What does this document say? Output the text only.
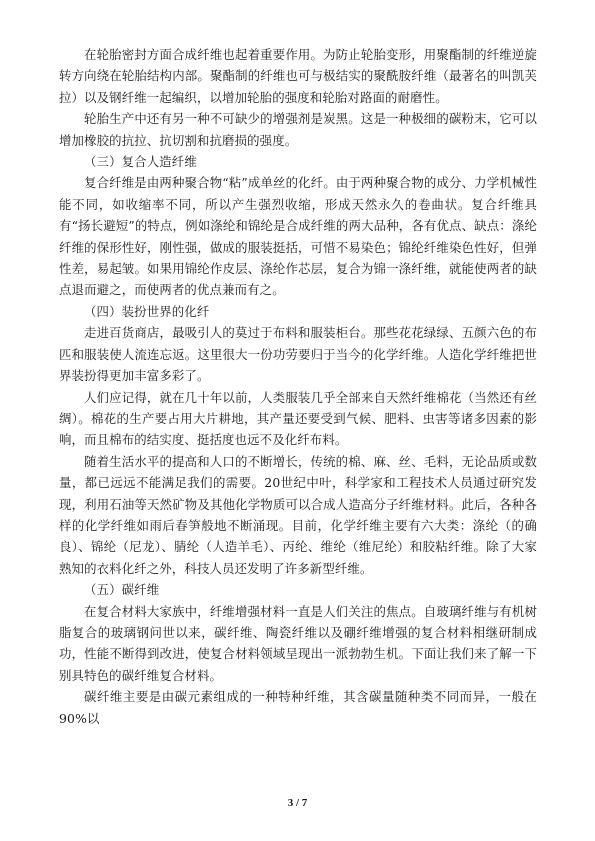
在轮胎密封方面合成纤维也起着重要作用。为防止轮胎变形，用聚酯制的纤维逆旋转方向绕在轮胎结构内部。聚酯制的纤维也可与极结实的聚酰胺纤维（最著名的叫凯芙拉）以及钢纤维一起编织，以增加轮胎的强度和轮胎对路面的耐磨性。

轮胎生产中还有另一种不可缺少的增强剂是炭黑。这是一种极细的碳粉末，它可以增加橡胶的抗拉、抗切割和抗磨损的强度。

（三）复合人造纤维

复合纤维是由两种聚合物“粘”成单丝的化纤。由于两种聚合物的成分、力学机械性能不同，如收缩率不同，所以产生强烈收缩，形成天然永久的卷曲状。复合纤维具有“扬长避短”的特点，例如涤纶和锦纶是合成纤维的两大品种，各有优点、缺点：涤纶纤维的保形性好，刚性强，做成的服装挺括，可惜不易染色；锦纶纤维染色性好，但弹性差，易起皱。如果用锦纶作皮层、涤纶作芯层，复合为锦一涤纤维，就能使两者的缺点退而避之，而使两者的优点兼而有之。

（四）装扮世界的化纤

走进百货商店，最吸引人的莫过于布料和服装柜台。那些花花绿绿、五颜六色的布匹和服装使人流连忘返。这里很大一份功劳要归于当今的化学纤维。人造化学纤维把世界装扮得更加丰富多彩了。

人们应记得，就在几十年以前，人类服装几乎全部来自天然纤维棉花（当然还有丝绸）。棉花的生产要占用大片耕地，其产量还要受到气候、肥料、虫害等诸多因素的影响，而且棉布的结实度、挺括度也远不及化纤布料。

随着生活水平的提高和人口的不断增长，传统的棉、麻、丝、毛料，无论品质或数量，都已远远不能满足我们的需要。20世纪中叶，科学家和工程技术人员通过研究发现，利用石油等天然矿物及其他化学物质可以合成人造高分子纤维材料。此后，各种各样的化学纤维如雨后春笋般地不断涌现。目前，化学纤维主要有六大类：涤纶（的确良）、锦纶（尼龙）、腈纶（人造羊毛）、丙纶、维纶（维尼纶）和胶粘纤维。除了大家熟知的衣料化纤之外，科技人员还发明了许多新型纤维。

（五）碳纤维

在复合材料大家族中，纤维增强材料一直是人们关注的焦点。自玻璃纤维与有机树脂复合的玻璃钢问世以来，碳纤维、陶瓷纤维以及硼纤维增强的复合材料相继研制成功，性能不断得到改进，使复合材料领域呈现出一派勃勃生机。下面让我们来了解一下别具特色的碳纤维复合材料。

碳纤维主要是由碳元素组成的一种特种纤维，其含碳量随种类不同而异，一般在90%以

3 / 7
